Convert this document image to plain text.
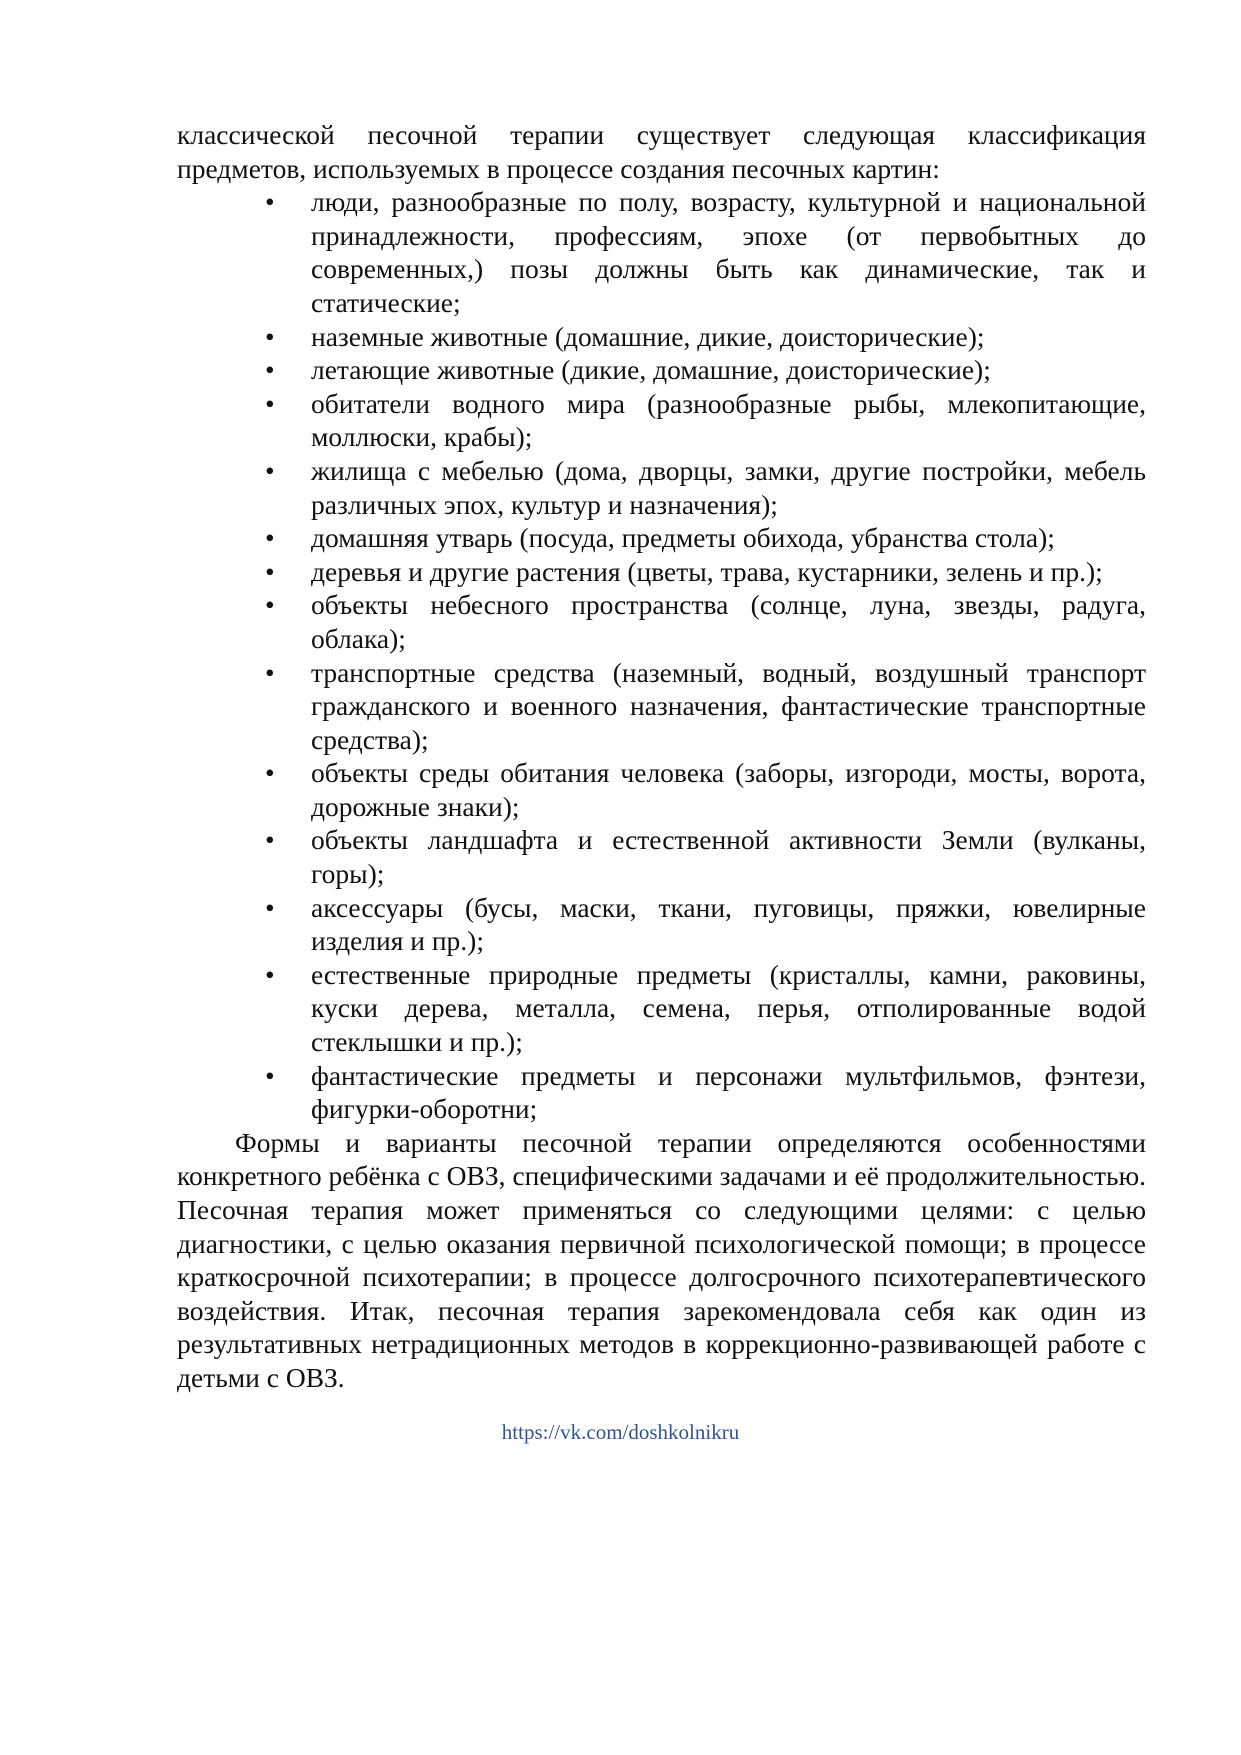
классической песочной терапии существует следующая классификация предметов, используемых в процессе создания песочных картин:

• люди, разнообразные по полу, возрасту, культурной и национальной принадлежности, профессиям, эпохе (от первобытных до современных,) позы должны быть как динамические, так и статические;
• наземные животные (домашние, дикие, доисторические);
• летающие животные (дикие, домашние, доисторические);
• обитатели водного мира (разнообразные рыбы, млекопитающие, моллюски, крабы);
• жилища с мебелью (дома, дворцы, замки, другие постройки, мебель различных эпох, культур и назначения);
• домашняя утварь (посуда, предметы обихода, убранства стола);
• деревья и другие растения (цветы, трава, кустарники, зелень и пр.);
• объекты небесного пространства (солнце, луна, звезды, радуга, облака);
• транспортные средства (наземный, водный, воздушный транспорт гражданского и военного назначения, фантастические транспортные средства);
• объекты среды обитания человека (заборы, изгороди, мосты, ворота, дорожные знаки);
• объекты ландшафта и естественной активности Земли (вулканы, горы);
• аксессуары (бусы, маски, ткани, пуговицы, пряжки, ювелирные изделия и пр.);
• естественные природные предметы (кристаллы, камни, раковины, куски дерева, металла, семена, перья, отполированные водой стеклышки и пр.);
• фантастические предметы и персонажи мультфильмов, фэнтези, фигурки-оборотни;

Формы и варианты песочной терапии определяются особенностями конкретного ребёнка с ОВЗ, специфическими задачами и её продолжительностью. Песочная терапия может применяться со следующими целями: с целью диагностики, с целью оказания первичной психологической помощи; в процессе краткосрочной психотерапии; в процессе долгосрочного психотерапевтического воздействия. Итак, песочная терапия зарекомендовала себя как один из результативных нетрадиционных методов в коррекционно-развивающей работе с детьми с ОВЗ.

https://vk.com/doshkolnikru
